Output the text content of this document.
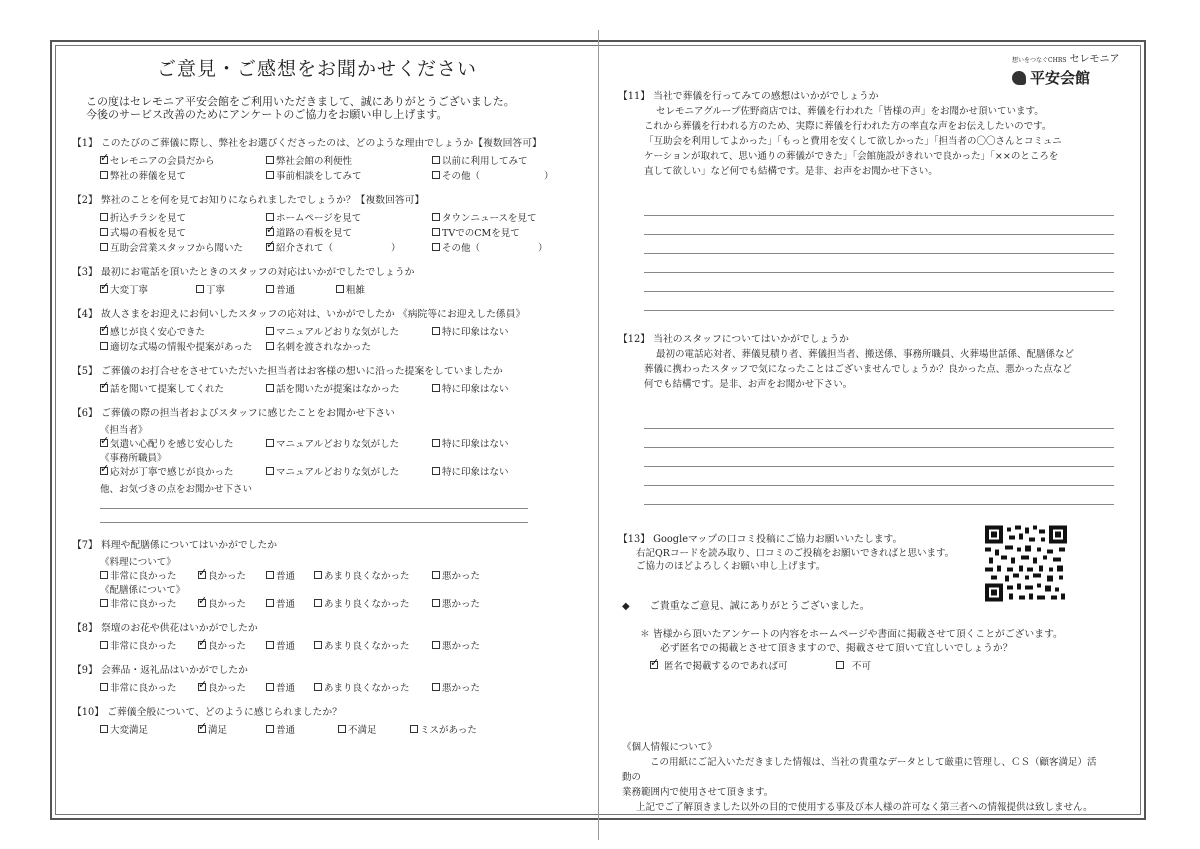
ご意見・ご感想をお聞かせください
この度はセレモニア平安会館をご利用いただきまして、誠にありがとうございました。
今後のサービス改善のためにアンケートのご協力をお願い申し上げます。
【1】 このたびのご葬儀に際し、弊社をお選びくださったのは、どのような理由でしょうか【複数回答可】
✓
セレモニアの会員だから	弊社会館の利便性	以前に利用してみて
弊社の葬儀を見て	事前相談をしてみて	その他（	）
【2】 弊社のことを何を見てお知りになられましたでしょうか？【複数回答可】
折込チラシを見て	ホームページを見て	タウンニュースを見て
式場の看板を見て ✓	道路の看板を見て	TVでのCMを見て
互助会営業スタッフから聞いた ✓	紹介されて（	）	その他（	）
【3】 最初にお電話を頂いたときのスタッフの対応はいかがでしたでしょうか
✓
大変丁寧	丁寧	普通	粗雑
【4】 故人さまをお迎えにお伺いしたスタッフの応対は、いかがでしたか 《病院等にお迎えした係員》
✓
感じが良く安心できた	マニュアルどおりな気がした	特に印象はない
適切な式場の情報や提案があった 名刺を渡されなかった
【5】 ご葬儀のお打合せをさせていただいた担当者はお客様の想いに沿った提案をしていましたか
✓
話を聞いて提案してくれた	話を聞いたが提案はなかった	特に印象はない
【6】 ご葬儀の際の担当者およびスタッフに感じたことをお聞かせ下さい
《担当者》
✓
気遣い心配りを感じ安心した	マニュアルどおりな気がした	特に印象はない
《事務所職員》
✓
応対が丁寧で感じが良かった	マニュアルどおりな気がした	特に印象はない
他、お気づきの点をお聞かせ下さい
【7】 料理や配膳係についてはいかがでしたか
《料理について》
非常に良かった ✓	良かった	普通	あまり良くなかった	悪かった
《配膳係について》
非常に良かった ✓	良かった	普通	あまり良くなかった	悪かった
【8】 祭壇のお花や供花はいかがでしたか
非常に良かった ✓	良かった	普通	あまり良くなかった	悪かった
【9】 会葬品・返礼品はいかがでしたか
非常に良かった ✓	良かった	普通	あまり良くなかった	悪かった
【10】 ご葬儀全般について、どのように感じられましたか？
大変満足 ✓	満足	普通	不満足	ミスがあった
想いをつなぐCHRS セレモニア
平安会館
【11】 当社で葬儀を行ってみての感想はいかがでしょうか
セレモニアグループ佐野商店では、葬儀を行われた「皆様の声」をお聞かせ頂いています。
これから葬儀を行われる方のため、実際に葬儀を行われた方の率直な声をお伝えしたいのです。
「互助会を利用してよかった」「もっと費用を安くして欲しかった」「担当者の〇〇さんとコミュニ
ケーションが取れて、思い通りの葬儀ができた」「会館施設がきれいで良かった」「××のところを
直して欲しい」など何でも結構です。是非、お声をお聞かせ下さい。
【12】 当社のスタッフについてはいかがでしょうか
最初の電話応対者、葬儀見積り者、葬儀担当者、搬送係、事務所職員、火葬場世話係、配膳係など
葬儀に携わったスタッフで気になったことはございませんでしょうか？良かった点、悪かった点など
何でも結構です。是非、お声をお聞かせ下さい。
【13】 Googleマップの口コミ投稿にご協力お願いいたします。
右記QRコードを読み取り、口コミのご投稿をお願いできればと思います。
ご協力のほどよろしくお願い申し上げます。
◆　　ご貴重なご意見、誠にありがとうございました。
＊ 皆様から頂いたアンケートの内容をホームページや書面に掲載させて頂くことがございます。
必ず匿名での掲載とさせて頂きますので、掲載させて頂いて宜しいでしょうか？
✓
匿名で掲載するのであれば可	不可
《個人情報について》
この用紙にご記入いただきました情報は、当社の貴重なデータとして厳重に管理し、ＣＳ（顧客満足）活動の
業務範囲内で使用させて頂きます。
上記でご了解頂きました以外の目的で使用する事及び本人様の許可なく第三者への情報提供は致しません。
